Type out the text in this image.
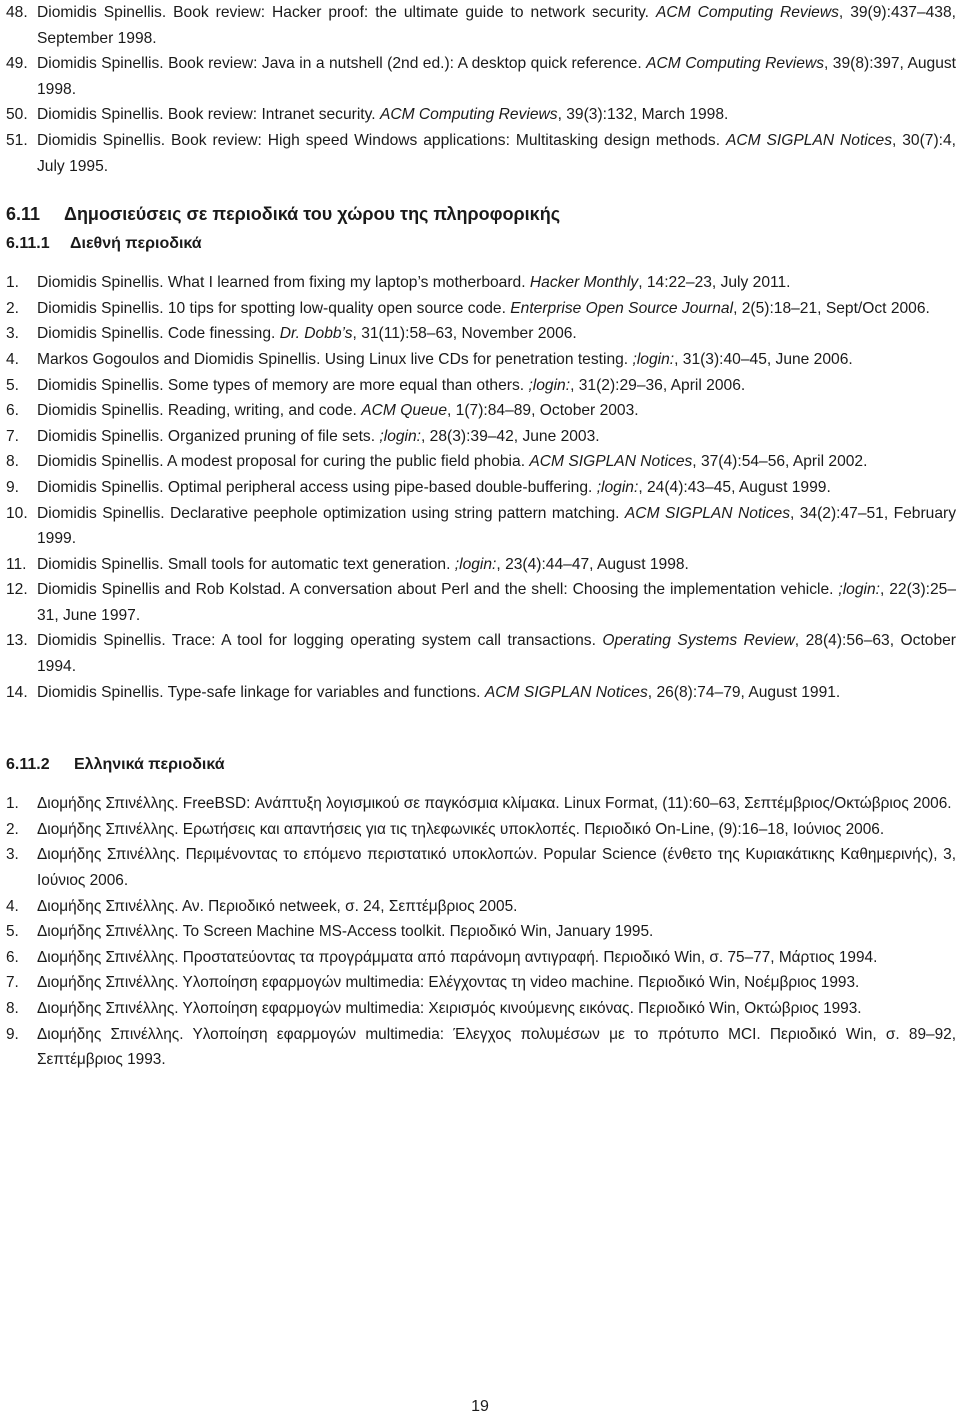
48. Diomidis Spinellis. Book review: Hacker proof: the ultimate guide to network security. ACM Computing Reviews, 39(9):437–438, September 1998.
49. Diomidis Spinellis. Book review: Java in a nutshell (2nd ed.): A desktop quick reference. ACM Computing Reviews, 39(8):397, August 1998.
50. Diomidis Spinellis. Book review: Intranet security. ACM Computing Reviews, 39(3):132, March 1998.
51. Diomidis Spinellis. Book review: High speed Windows applications: Multitasking design methods. ACM SIGPLAN Notices, 30(7):4, July 1995.
6.11	Δημοσιεύσεις σε περιοδικά του χώρου της πληροφορικής
6.11.1	Διεθνή περιοδικά
1.	Diomidis Spinellis. What I learned from fixing my laptop’s motherboard. Hacker Monthly, 14:22–23, July 2011.
2.	Diomidis Spinellis. 10 tips for spotting low-quality open source code. Enterprise Open Source Journal, 2(5):18–21, Sept/Oct 2006.
3.	Diomidis Spinellis. Code finessing. Dr. Dobb’s, 31(11):58–63, November 2006.
4.	Markos Gogoulos and Diomidis Spinellis. Using Linux live CDs for penetration testing. ;login:, 31(3):40–45, June 2006.
5.	Diomidis Spinellis. Some types of memory are more equal than others. ;login:, 31(2):29–36, April 2006.
6.	Diomidis Spinellis. Reading, writing, and code. ACM Queue, 1(7):84–89, October 2003.
7.	Diomidis Spinellis. Organized pruning of file sets. ;login:, 28(3):39–42, June 2003.
8.	Diomidis Spinellis. A modest proposal for curing the public field phobia. ACM SIGPLAN Notices, 37(4):54–56, April 2002.
9.	Diomidis Spinellis. Optimal peripheral access using pipe-based double-buffering. ;login:, 24(4):43–45, August 1999.
10. Diomidis Spinellis. Declarative peephole optimization using string pattern matching. ACM SIGPLAN Notices, 34(2):47–51, February 1999.
11. Diomidis Spinellis. Small tools for automatic text generation. ;login:, 23(4):44–47, August 1998.
12. Diomidis Spinellis and Rob Kolstad. A conversation about Perl and the shell: Choosing the implementation vehicle. ;login:, 22(3):25–31, June 1997.
13. Diomidis Spinellis. Trace: A tool for logging operating system call transactions. Operating Systems Review, 28(4):56–63, October 1994.
14. Diomidis Spinellis. Type-safe linkage for variables and functions. ACM SIGPLAN Notices, 26(8):74–79, August 1991.
6.11.2	Ελληνικά περιοδικά
1.	Διομήδης Σπινέλλης. FreeBSD: Ανάπτυξη λογισμικού σε παγκόσμια κλίμακα. Linux Format, (11):60–63, Σεπτέμβριος/Οκτώβριος 2006.
2.	Διομήδης Σπινέλλης. Ερωτήσεις και απαντήσεις για τις τηλεφωνικές υποκλοπές. Περιοδικό On-Line, (9):16–18, Ιούνιος 2006.
3.	Διομήδης Σπινέλλης. Περιμένοντας το επόμενο περιστατικό υποκλοπών. Popular Science (ένθετο της Κυριακάτικης Καθημερινής), 3, Ιούνιος 2006.
4.	Διομήδης Σπινέλλης. Αν. Περιοδικό netweek, σ. 24, Σεπτέμβριος 2005.
5.	Διομήδης Σπινέλλης. To Screen Machine MS-Access toolkit. Περιοδικό Win, January 1995.
6.	Διομήδης Σπινέλλης. Προστατεύοντας τα προγράμματα από παράνομη αντιγραφή. Περιοδικό Win, σ. 75–77, Μάρτιος 1994.
7.	Διομήδης Σπινέλλης. Υλοποίηση εφαρμογών multimedia: Ελέγχοντας τη video machine. Περιοδικό Win, Νοέμβριος 1993.
8.	Διομήδης Σπινέλλης. Υλοποίηση εφαρμογών multimedia: Χειρισμός κινούμενης εικόνας. Περιοδικό Win, Οκτώβριος 1993.
9.	Διομήδης Σπινέλλης. Υλοποίηση εφαρμογών multimedia: Έλεγχος πολυμέσων με το πρότυπο MCI. Περιοδικό Win, σ. 89–92, Σεπτέμβριος 1993.
19
